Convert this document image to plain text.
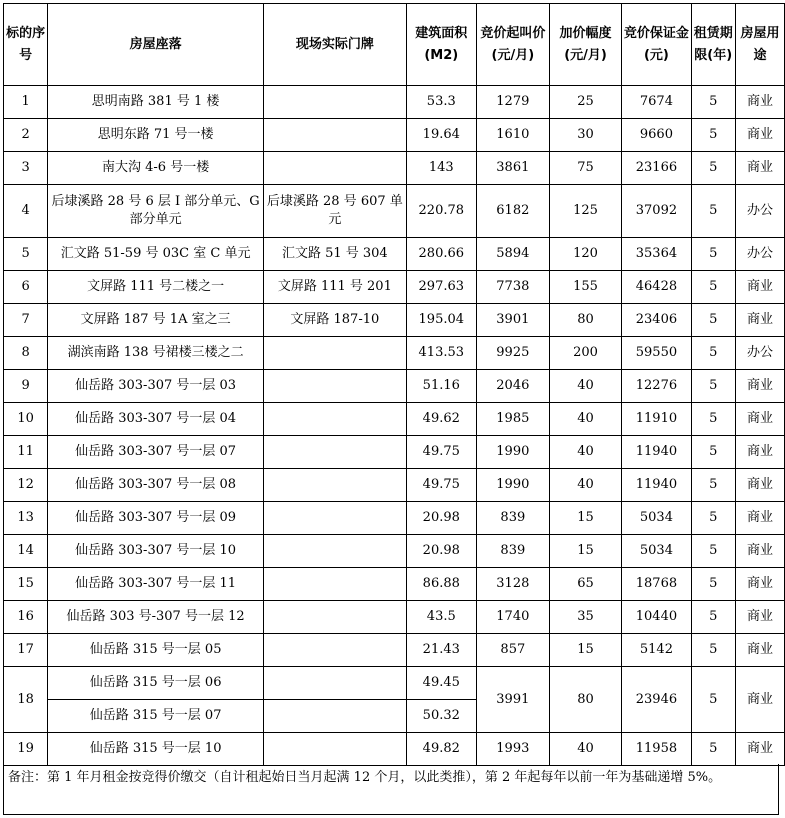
标的序号	房屋座落	现场实际门牌	建筑面积(M2)	竞价起叫价(元/月)	加价幅度(元/月)	竞价保证金(元)	租赁期限(年)	房屋用途
1	思明南路 381 号 1 楼		53.3	1279	25	7674	5	商业
2	思明东路 71 号一楼		19.64	1610	30	9660	5	商业
3	南大沟 4-6 号一楼		143	3861	75	23166	5	商业
4	后埭溪路 28 号 6 层 I 部分单元、G 部分单元	后埭溪路 28 号 607 单元	220.78	6182	125	37092	5	办公
5	汇文路 51-59 号 03C 室 C 单元	汇文路 51 号 304	280.66	5894	120	35364	5	办公
6	文屏路 111 号二楼之一	文屏路 111 号 201	297.63	7738	155	46428	5	商业
7	文屏路 187 号 1A 室之三	文屏路 187-10	195.04	3901	80	23406	5	商业
8	湖滨南路 138 号裙楼三楼之二		413.53	9925	200	59550	5	办公
9	仙岳路 303-307 号一层 03		51.16	2046	40	12276	5	商业
10	仙岳路 303-307 号一层 04		49.62	1985	40	11910	5	商业
11	仙岳路 303-307 号一层 07		49.75	1990	40	11940	5	商业
12	仙岳路 303-307 号一层 08		49.75	1990	40	11940	5	商业
13	仙岳路 303-307 号一层 09		20.98	839	15	5034	5	商业
14	仙岳路 303-307 号一层 10		20.98	839	15	5034	5	商业
15	仙岳路 303-307 号一层 11		86.88	3128	65	18768	5	商业
16	仙岳路 303 号-307 号一层 12		43.5	1740	35	10440	5	商业
17	仙岳路 315 号一层 05		21.43	857	15	5142	5	商业
18	仙岳路 315 号一层 06		49.45	3991	80	23946	5	商业
	仙岳路 315 号一层 07		50.32					
19	仙岳路 315 号一层 10		49.82	1993	40	11958	5	商业
备注：第 1 年月租金按竞得价缴交（自计租起始日当月起满 12 个月，以此类推），第 2 年起每年以前一年为基础递增 5%。
